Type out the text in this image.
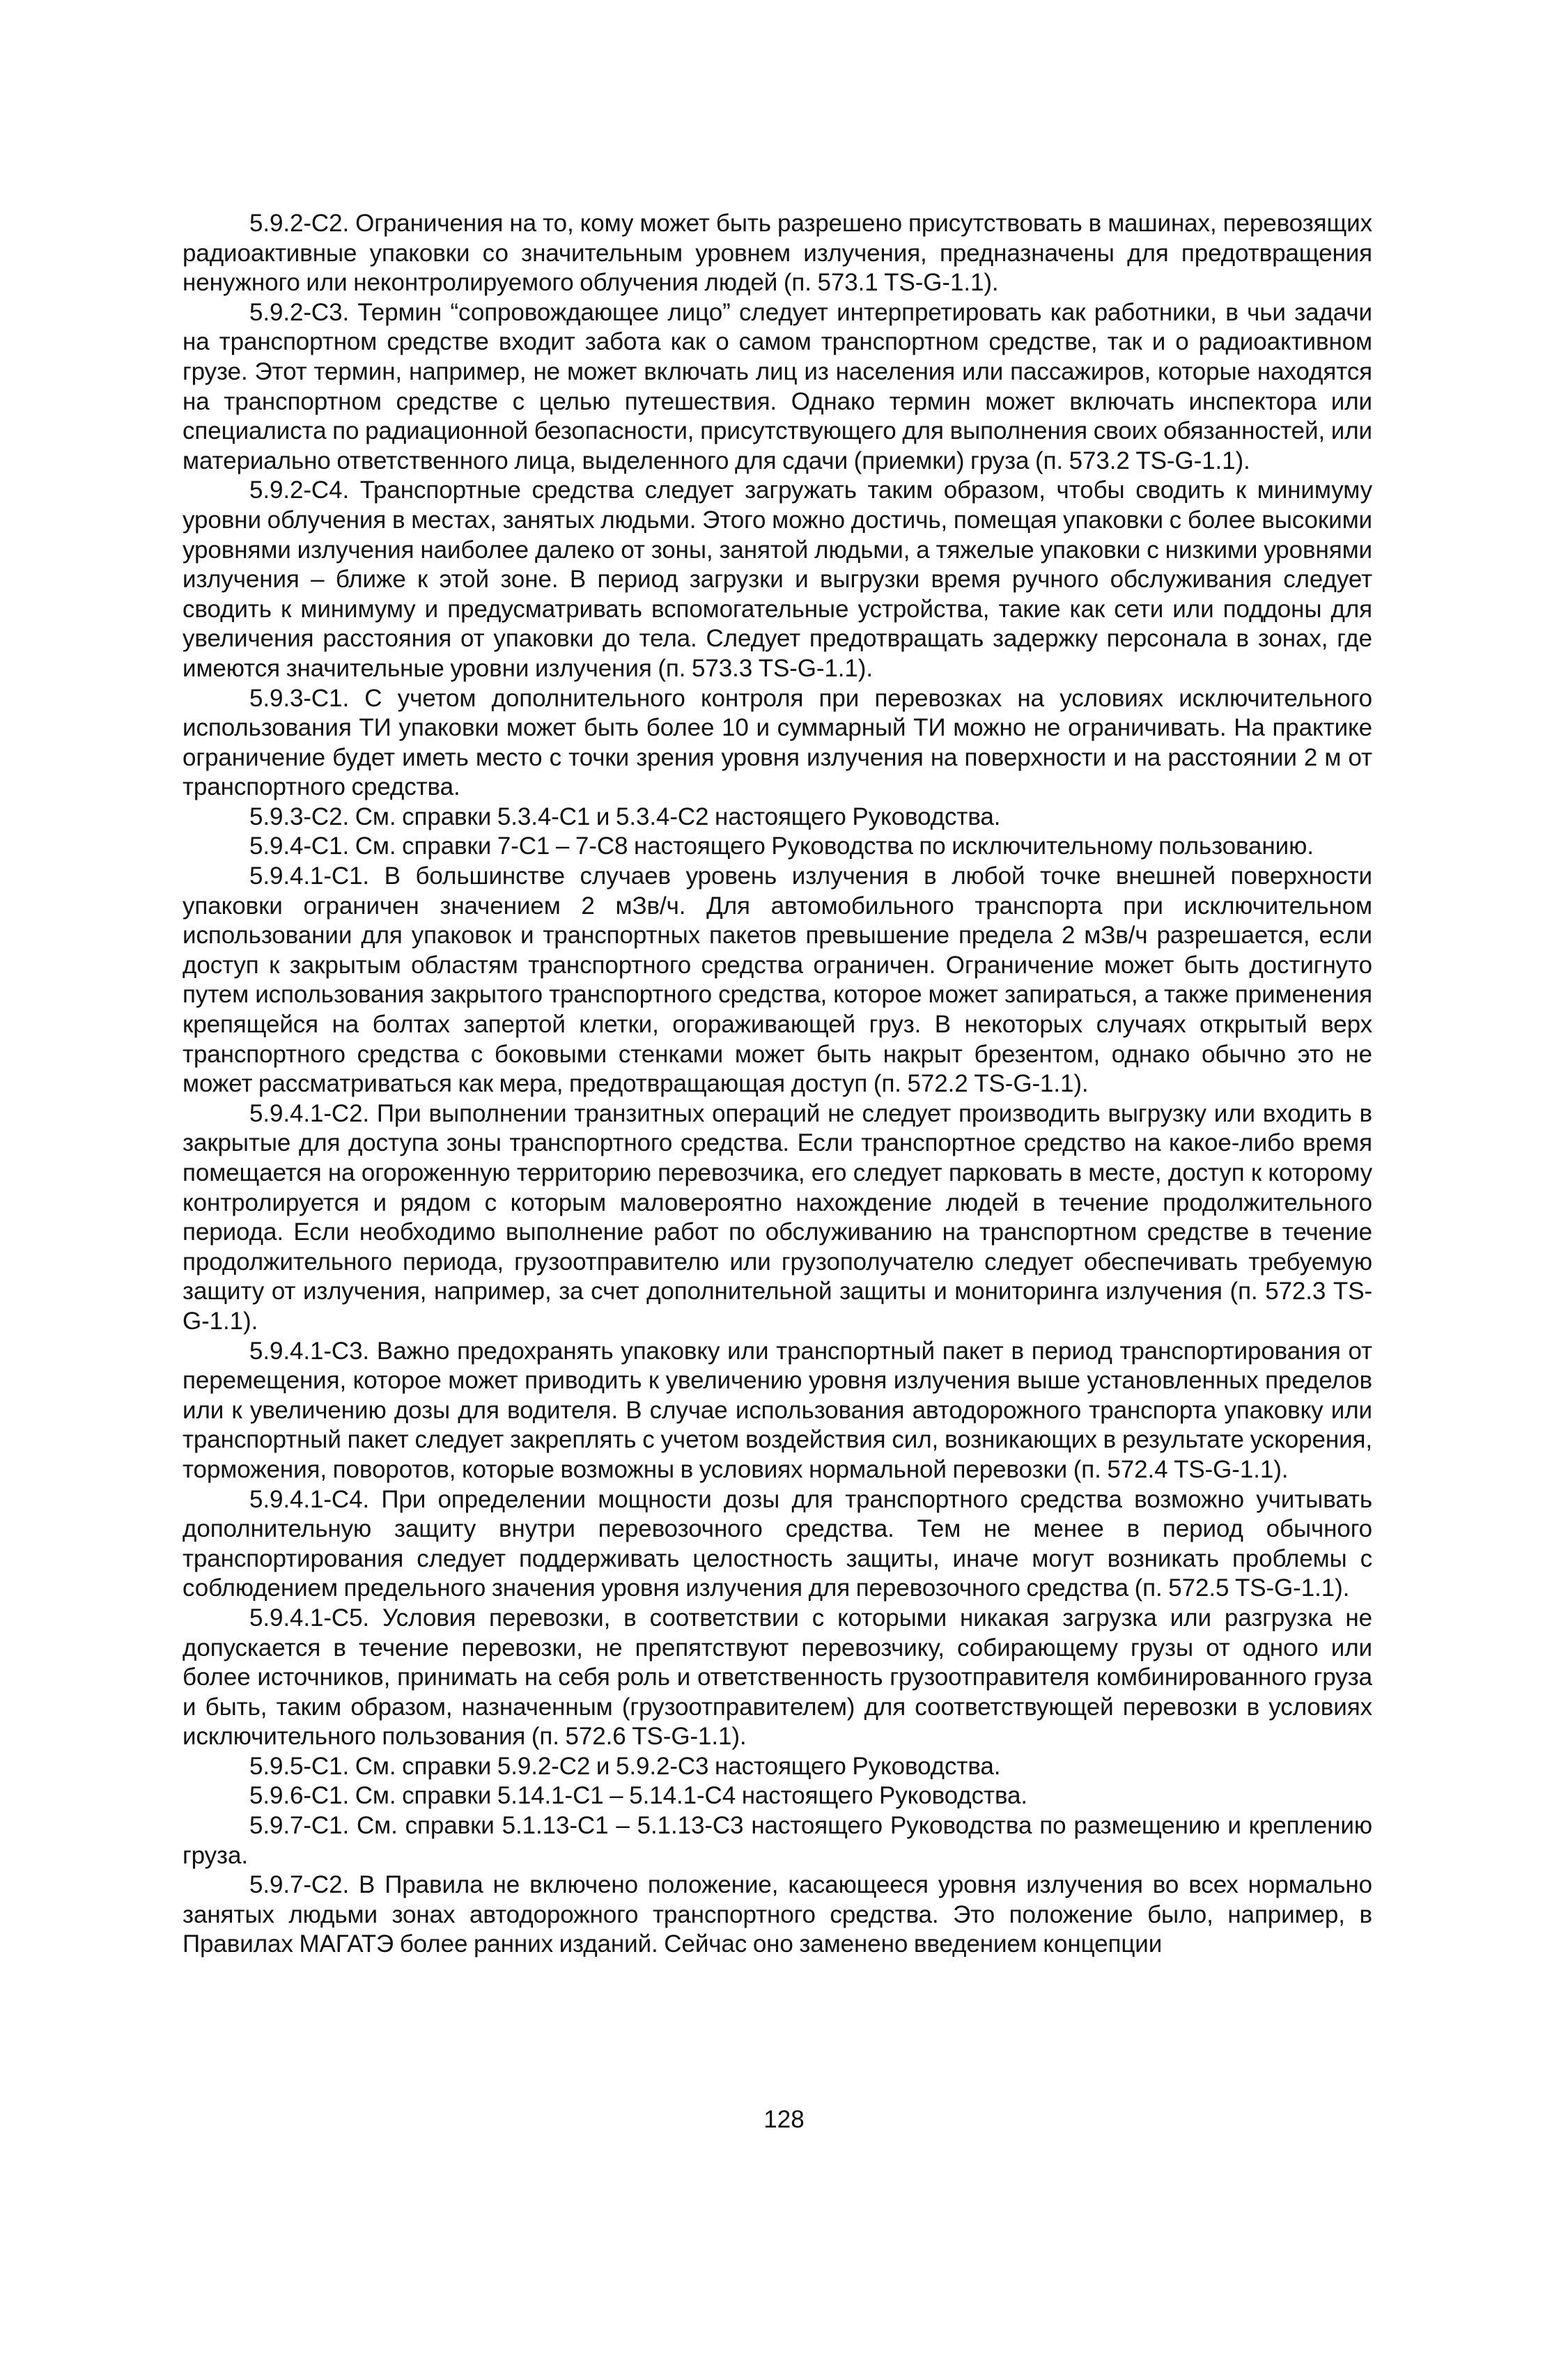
5.9.2-С2. Ограничения на то, кому может быть разрешено присутствовать в машинах, перевозящих радиоактивные упаковки со значительным уровнем излучения, предназначены для предотвращения ненужного или неконтролируемого облучения людей (п. 573.1 TS-G-1.1).

5.9.2-С3. Термин “сопровождающее лицо” следует интерпретировать как работники, в чьи задачи на транспортном средстве входит забота как о самом транспортном средстве, так и о радиоактивном грузе. Этот термин, например, не может включать лиц из населения или пассажиров, которые находятся на транспортном средстве с целью путешествия. Однако термин может включать инспектора или специалиста по радиационной безопасности, присутствующего для выполнения своих обязанностей, или материально ответственного лица, выделенного для сдачи (приемки) груза (п. 573.2 TS-G-1.1).

5.9.2-С4. Транспортные средства следует загружать таким образом, чтобы сводить к минимуму уровни облучения в местах, занятых людьми. Этого можно достичь, помещая упаковки с более высокими уровнями излучения наиболее далеко от зоны, занятой людьми, а тяжелые упаковки с низкими уровнями излучения – ближе к этой зоне. В период загрузки и выгрузки время ручного обслуживания следует сводить к минимуму и предусматривать вспомогательные устройства, такие как сети или поддоны для увеличения расстояния от упаковки до тела. Следует предотвращать задержку персонала в зонах, где имеются значительные уровни излучения (п. 573.3 TS-G-1.1).

5.9.3-С1. С учетом дополнительного контроля при перевозках на условиях исключительного использования ТИ упаковки может быть более 10 и суммарный ТИ можно не ограничивать. На практике ограничение будет иметь место с точки зрения уровня излучения на поверхности и на расстоянии 2 м от транспортного средства.

5.9.3-С2. См. справки 5.3.4-С1 и 5.3.4-С2 настоящего Руководства.

5.9.4-С1. См. справки 7-С1 – 7-С8 настоящего Руководства по исключительному пользованию.

5.9.4.1-С1. В большинстве случаев уровень излучения в любой точке внешней поверхности упаковки ограничен значением 2 мЗв/ч. Для автомобильного транспорта при исключительном использовании для упаковок и транспортных пакетов превышение предела 2 мЗв/ч разрешается, если доступ к закрытым областям транспортного средства ограничен. Ограничение может быть достигнуто путем использования закрытого транспортного средства, которое может запираться, а также применения крепящейся на болтах запертой клетки, огораживающей груз. В некоторых случаях открытый верх транспортного средства с боковыми стенками может быть накрыт брезентом, однако обычно это не может рассматриваться как мера, предотвращающая доступ (п. 572.2 TS-G-1.1).

5.9.4.1-С2. При выполнении транзитных операций не следует производить выгрузку или входить в закрытые для доступа зоны транспортного средства. Если транспортное средство на какое-либо время помещается на огороженную территорию перевозчика, его следует парковать в месте, доступ к которому контролируется и рядом с которым маловероятно нахождение людей в течение продолжительного периода. Если необходимо выполнение работ по обслуживанию на транспортном средстве в течение продолжительного периода, грузоотправителю или грузополучателю следует обеспечивать требуемую защиту от излучения, например, за счет дополнительной защиты и мониторинга излучения (п. 572.3 TS-G-1.1).

5.9.4.1-С3. Важно предохранять упаковку или транспортный пакет в период транспортирования от перемещения, которое может приводить к увеличению уровня излучения выше установленных пределов или к увеличению дозы для водителя. В случае использования автодорожного транспорта упаковку или транспортный пакет следует закреплять с учетом воздействия сил, возникающих в результате ускорения, торможения, поворотов, которые возможны в условиях нормальной перевозки (п. 572.4 TS-G-1.1).

5.9.4.1-С4. При определении мощности дозы для транспортного средства возможно учитывать дополнительную защиту внутри перевозочного средства. Тем не менее в период обычного транспортирования следует поддерживать целостность защиты, иначе могут возникать проблемы с соблюдением предельного значения уровня излучения для перевозочного средства (п. 572.5 TS-G-1.1).

5.9.4.1-С5. Условия перевозки, в соответствии с которыми никакая загрузка или разгрузка не допускается в течение перевозки, не препятствуют перевозчику, собирающему грузы от одного или более источников, принимать на себя роль и ответственность грузоотправителя комбинированного груза и быть, таким образом, назначенным (грузоотправителем) для соответствующей перевозки в условиях исключительного пользования (п. 572.6 TS-G-1.1).

5.9.5-С1. См. справки 5.9.2-С2 и 5.9.2-С3 настоящего Руководства.

5.9.6-С1. См. справки 5.14.1-С1 – 5.14.1-С4 настоящего Руководства.

5.9.7-С1. См. справки 5.1.13-С1 – 5.1.13-С3 настоящего Руководства по размещению и креплению груза.

5.9.7-С2. В Правила не включено положение, касающееся уровня излучения во всех нормально занятых людьми зонах автодорожного транспортного средства. Это положение было, например, в Правилах МАГАТЭ более ранних изданий. Сейчас оно заменено введением концепции

128
